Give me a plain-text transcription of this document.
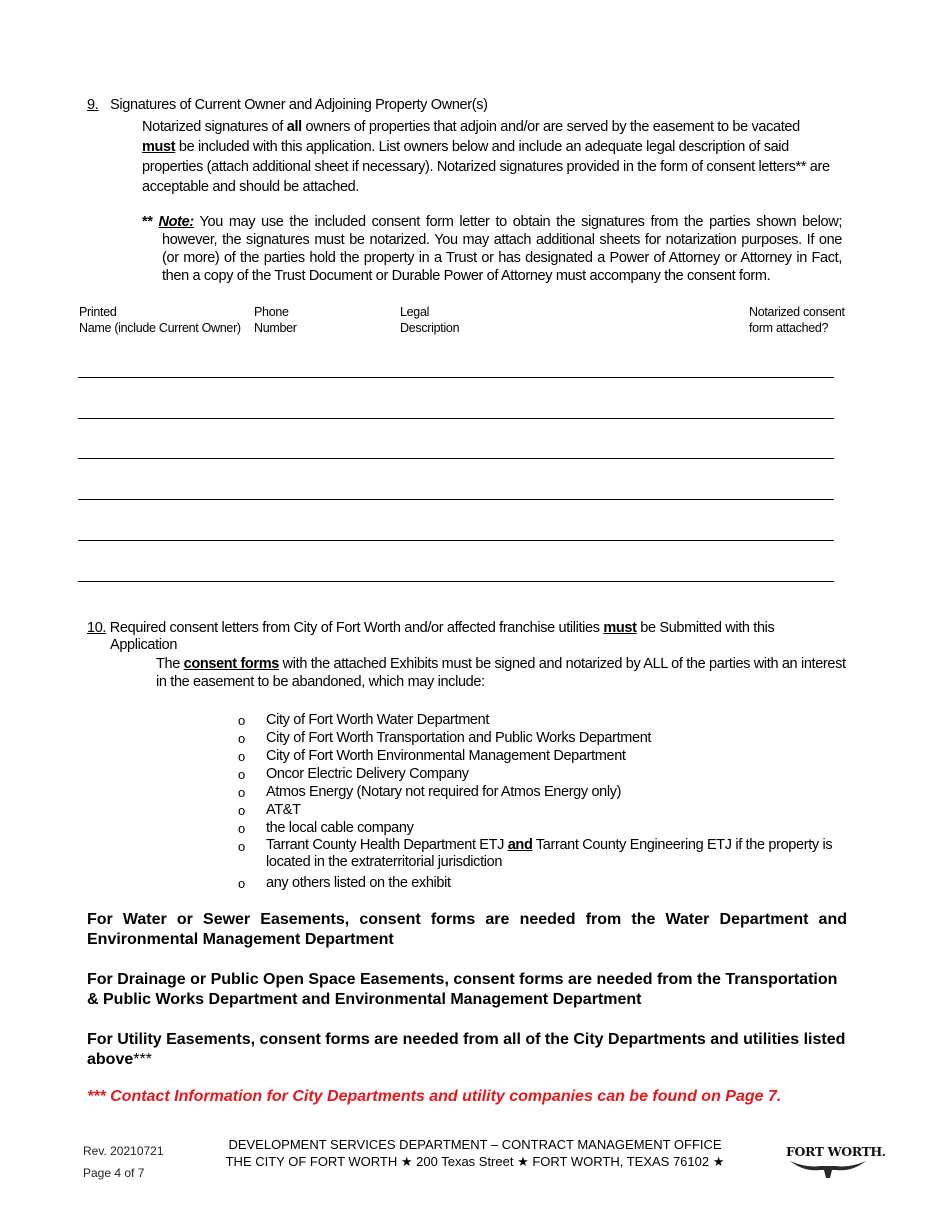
9. Signatures of Current Owner and Adjoining Property Owner(s)
Notarized signatures of all owners of properties that adjoin and/or are served by the easement to be vacated must be included with this application. List owners below and include an adequate legal description of said properties (attach additional sheet if necessary). Notarized signatures provided in the form of consent letters** are acceptable and should be attached.
** Note: You may use the included consent form letter to obtain the signatures from the parties shown below; however, the signatures must be notarized. You may attach additional sheets for notarization purposes. If one (or more) of the parties hold the property in a Trust or has designated a Power of Attorney or Attorney in Fact, then a copy of the Trust Document or Durable Power of Attorney must accompany the consent form.
Printed
Name (include Current Owner)
Phone
Number
Legal
Description
Notarized consent
form attached?
10. Required consent letters from City of Fort Worth and/or affected franchise utilities must be Submitted with this
Application
The consent forms with the attached Exhibits must be signed and notarized by ALL of the parties with an interest in the easement to be abandoned, which may include:
o City of Fort Worth Water Department
o City of Fort Worth Transportation and Public Works Department
o City of Fort Worth Environmental Management Department
o Oncor Electric Delivery Company
o Atmos Energy (Notary not required for Atmos Energy only)
o AT&T
o the local cable company
o Tarrant County Health Department ETJ and Tarrant County Engineering ETJ if the property is located in the extraterritorial jurisdiction
o any others listed on the exhibit
For Water or Sewer Easements, consent forms are needed from the Water Department and Environmental Management Department
For Drainage or Public Open Space Easements, consent forms are needed from the Transportation & Public Works Department and Environmental Management Department
For Utility Easements, consent forms are needed from all of the City Departments and utilities listed above***
*** Contact Information for City Departments and utility companies can be found on Page 7.
Rev. 20210721
Page 4 of 7
DEVELOPMENT SERVICES DEPARTMENT – CONTRACT MANAGEMENT OFFICE
THE CITY OF FORT WORTH ★ 200 Texas Street ★ FORT WORTH, TEXAS 76102 ★
FORT WORTH.
